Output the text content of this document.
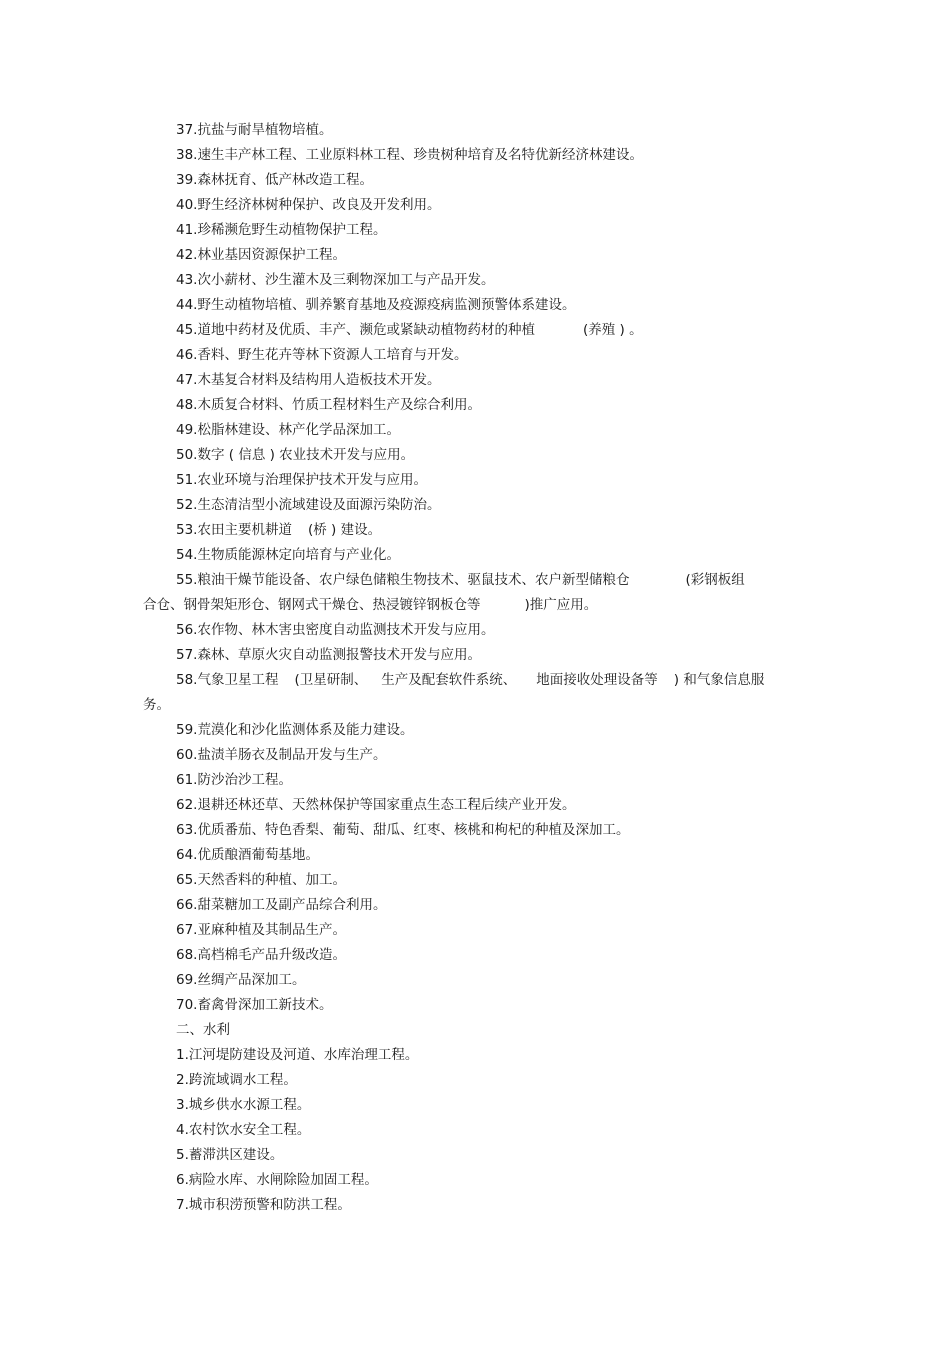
37.抗盐与耐旱植物培植。
38.速生丰产林工程、工业原料林工程、珍贵树种培育及名特优新经济林建设。
39.森林抚育、低产林改造工程。
40.野生经济林树种保护、改良及开发利用。
41.珍稀濒危野生动植物保护工程。
42.林业基因资源保护工程。
43.次小薪材、沙生灌木及三剩物深加工与产品开发。
44.野生动植物培植、驯养繁育基地及疫源疫病监测预警体系建设。
45.道地中药材及优质、丰产、濒危或紧缺动植物药材的种植	(养殖 ) 。
46.香料、野生花卉等林下资源人工培育与开发。
47.木基复合材料及结构用人造板技术开发。
48.木质复合材料、竹质工程材料生产及综合利用。
49.松脂林建设、林产化学品深加工。
50.数字 ( 信息 ) 农业技术开发与应用。
51.农业环境与治理保护技术开发与应用。
52.生态清洁型小流域建设及面源污染防治。
53.农田主要机耕道 (桥 ) 建设。
54.生物质能源林定向培育与产业化。
55.粮油干燥节能设备、农户绿色储粮生物技术、驱鼠技术、农户新型储粮仓	(彩钢板组
合仓、钢骨架矩形仓、钢网式干燥仓、热浸镀锌钢板仓等	)推广应用。
56.农作物、林木害虫密度自动监测技术开发与应用。
57.森林、草原火灾自动监测报警技术开发与应用。
58.气象卫星工程 (卫星研制、 生产及配套软件系统、 地面接收处理设备等 ) 和气象信息服
务。
59.荒漠化和沙化监测体系及能力建设。
60.盐渍羊肠衣及制品开发与生产。
61.防沙治沙工程。
62.退耕还林还草、天然林保护等国家重点生态工程后续产业开发。
63.优质番茄、特色香梨、葡萄、甜瓜、红枣、核桃和枸杞的种植及深加工。
64.优质酿酒葡萄基地。
65.天然香料的种植、加工。
66.甜菜糖加工及副产品综合利用。
67.亚麻种植及其制品生产。
68.高档棉毛产品升级改造。
69.丝绸产品深加工。
70.畜禽骨深加工新技术。
二、水利
1.江河堤防建设及河道、水库治理工程。
2.跨流域调水工程。
3.城乡供水水源工程。
4.农村饮水安全工程。
5.蓄滞洪区建设。
6.病险水库、水闸除险加固工程。
7.城市积涝预警和防洪工程。
